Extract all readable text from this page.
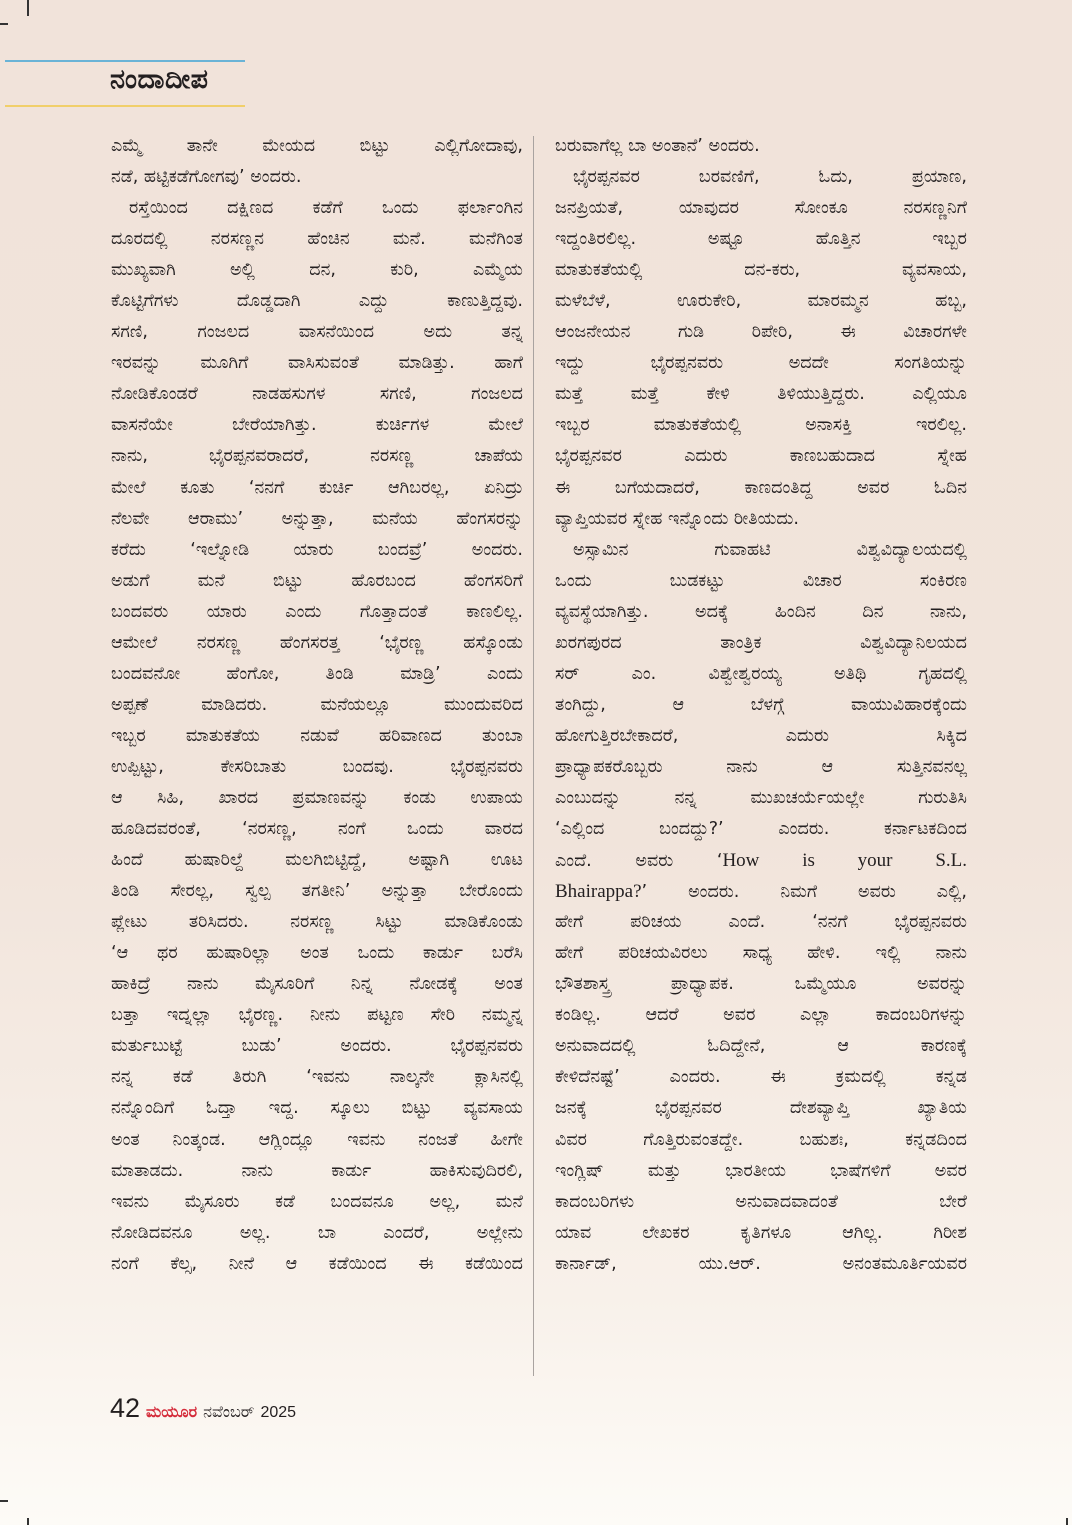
ನಂದಾದೀಪ
ಎಮ್ಮೆ ತಾನೇ ಮೇಯದ ಬಿಟ್ಟು ಎಲ್ಲಿಗೋದಾವು,
ನಡೆ, ಹಟ್ಟಿಕಡೆಗೋಗವು’ ಅಂದರು.
ರಸ್ತೆಯಿಂದ ದಕ್ಷಿಣದ ಕಡೆಗೆ ಒಂದು ಫರ್ಲಾಂಗಿನ
ದೂರದಲ್ಲಿ ನರಸಣ್ಣನ ಹೆಂಚಿನ ಮನೆ. ಮನೆಗಿಂತ
ಮುಖ್ಯವಾಗಿ ಅಲ್ಲಿ ದನ, ಕುರಿ, ಎಮ್ಮೆಯ
ಕೊಟ್ಟಿಗೆಗಳು ದೊಡ್ಡದಾಗಿ ಎದ್ದು ಕಾಣುತ್ತಿದ್ದವು.
ಸಗಣಿ, ಗಂಜಲದ ವಾಸನೆಯಿಂದ ಅದು ತನ್ನ
ಇರವನ್ನು ಮೂಗಿಗೆ ವಾಸಿಸುವಂತೆ ಮಾಡಿತ್ತು. ಹಾಗೆ
ನೋಡಿಕೊಂಡರೆ ನಾಡಹಸುಗಳ ಸಗಣಿ, ಗಂಜಲದ
ವಾಸನೆಯೇ ಬೇರೆಯಾಗಿತ್ತು. ಕುರ್ಚಿಗಳ ಮೇಲೆ
ನಾನು, ಭೈರಪ್ಪನವರಾದರೆ, ನರಸಣ್ಣ ಚಾಪೆಯ
ಮೇಲೆ ಕೂತು ‘ನನಗೆ ಕುರ್ಚಿ ಆಗಿಬರಲ್ಲ, ಏನಿದ್ರು
ನೆಲವೇ ಆರಾಮು’ ಅನ್ನುತ್ತಾ, ಮನೆಯ ಹೆಂಗಸರನ್ನು
ಕರೆದು ‘ಇಲ್ನೋಡಿ ಯಾರು ಬಂದವ್ರೆ’ ಅಂದರು.
ಅಡುಗೆ ಮನೆ ಬಿಟ್ಟು ಹೊರಬಂದ ಹೆಂಗಸರಿಗೆ
ಬಂದವರು ಯಾರು ಎಂದು ಗೊತ್ತಾದಂತೆ ಕಾಣಲಿಲ್ಲ.
ಆಮೇಲೆ ನರಸಣ್ಣ ಹೆಂಗಸರತ್ತ ‘ಭೈರಣ್ಣ ಹಸ್ಕೊಂಡು
ಬಂದವನೋ ಹೆಂಗೋ, ತಿಂಡಿ ಮಾಡ್ರಿ’ ಎಂದು
ಅಪ್ಪಣೆ ಮಾಡಿದರು. ಮನೆಯಲ್ಲೂ ಮುಂದುವರಿದ
ಇಬ್ಬರ ಮಾತುಕತೆಯ ನಡುವೆ ಹರಿವಾಣದ ತುಂಬಾ
ಉಪ್ಪಿಟ್ಟು, ಕೇಸರಿಬಾತು ಬಂದವು. ಭೈರಪ್ಪನವರು
ಆ ಸಿಹಿ, ಖಾರದ ಪ್ರಮಾಣವನ್ನು ಕಂಡು ಉಪಾಯ
ಹೂಡಿದವರಂತೆ, ‘ನರಸಣ್ಣ, ನಂಗೆ ಒಂದು ವಾರದ
ಹಿಂದೆ ಹುಷಾರಿಲ್ದೆ ಮಲಗಿಬಿಟ್ಟಿದ್ದೆ, ಅಷ್ಟಾಗಿ ಊಟ
ತಿಂಡಿ ಸೇರಲ್ಲ, ಸ್ವಲ್ಪ ತಗತೀನಿ’ ಅನ್ನುತ್ತಾ ಬೇರೊಂದು
ಪ್ಲೇಟು ತರಿಸಿದರು. ನರಸಣ್ಣ ಸಿಟ್ಟು ಮಾಡಿಕೊಂಡು
‘ಆ ಥರ ಹುಷಾರಿಲ್ಲಾ ಅಂತ ಒಂದು ಕಾರ್ಡು ಬರೆಸಿ
ಹಾಕಿದ್ರೆ ನಾನು ಮೈಸೂರಿಗೆ ನಿನ್ನ ನೋಡಕ್ಕೆ ಅಂತ
ಬತ್ತಾ ಇದ್ನಲ್ಲಾ ಭೈರಣ್ಣ. ನೀನು ಪಟ್ಟಣ ಸೇರಿ ನಮ್ಮನ್ನ
ಮರ್ತುಬುಟ್ಟೆ ಬುಡು’ ಅಂದರು. ಭೈರಪ್ಪನವರು
ನನ್ನ ಕಡೆ ತಿರುಗಿ ‘ಇವನು ನಾಲ್ಕನೇ ಕ್ಲಾಸಿನಲ್ಲಿ
ನನ್ನೊಂದಿಗೆ ಓದ್ತಾ ಇದ್ದ. ಸ್ಕೂಲು ಬಿಟ್ಟು ವ್ಯವಸಾಯ
ಅಂತ ನಿಂತ್ಕಂಡ. ಆಗ್ಲಿಂದ್ಲೂ ಇವನು ನಂಜತೆ ಹೀಗೇ
ಮಾತಾಡದು. ನಾನು ಕಾರ್ಡು ಹಾಕಿಸುವುದಿರಲಿ,
ಇವನು ಮೈಸೂರು ಕಡೆ ಬಂದವನೂ ಅಲ್ಲ, ಮನೆ
ನೋಡಿದವನೂ ಅಲ್ಲ. ಬಾ ಎಂದರೆ, ಅಲ್ಲೇನು
ನಂಗೆ ಕೆಲ್ಸ, ನೀನೆ ಆ ಕಡೆಯಿಂದ ಈ ಕಡೆಯಿಂದ
ಬರುವಾಗೆಲ್ಲ ಬಾ ಅಂತಾನೆ’ ಅಂದರು.
ಭೈರಪ್ಪನವರ ಬರವಣಿಗೆ, ಓದು, ಪ್ರಯಾಣ,
ಜನಪ್ರಿಯತೆ, ಯಾವುದರ ಸೋಂಕೂ ನರಸಣ್ಣನಿಗೆ
ಇದ್ದಂತಿರಲಿಲ್ಲ. ಅಷ್ಟೂ ಹೊತ್ತಿನ ಇಬ್ಬರ
ಮಾತುಕತೆಯಲ್ಲಿ ದನ-ಕರು, ವ್ಯವಸಾಯ,
ಮಳೆಬೆಳೆ, ಊರುಕೇರಿ, ಮಾರಮ್ಮನ ಹಬ್ಬ,
ಆಂಜನೇಯನ ಗುಡಿ ರಿಪೇರಿ, ಈ ವಿಚಾರಗಳೇ
ಇದ್ದು ಭೈರಪ್ಪನವರು ಅದದೇ ಸಂಗತಿಯನ್ನು
ಮತ್ತೆ ಮತ್ತೆ ಕೇಳಿ ತಿಳಿಯುತ್ತಿದ್ದರು. ಎಲ್ಲಿಯೂ
ಇಬ್ಬರ ಮಾತುಕತೆಯಲ್ಲಿ ಅನಾಸಕ್ತಿ ಇರಲಿಲ್ಲ.
ಭೈರಪ್ಪನವರ ಎದುರು ಕಾಣಬಹುದಾದ ಸ್ನೇಹ
ಈ ಬಗೆಯದಾದರೆ, ಕಾಣದಂತಿದ್ದ ಅವರ ಓದಿನ
ವ್ಯಾಪ್ತಿಯವರ ಸ್ನೇಹ ಇನ್ನೊಂದು ರೀತಿಯದು.
ಅಸ್ಸಾಮಿನ ಗುವಾಹಟಿ ವಿಶ್ವವಿದ್ಯಾಲಯದಲ್ಲಿ
ಒಂದು ಬುಡಕಟ್ಟು ವಿಚಾರ ಸಂಕಿರಣ
ವ್ಯವಸ್ಥೆಯಾಗಿತ್ತು. ಅದಕ್ಕೆ ಹಿಂದಿನ ದಿನ ನಾನು,
ಖರಗಪುರದ ತಾಂತ್ರಿಕ ವಿಶ್ವವಿದ್ಯಾನಿಲಯದ
ಸರ್ ಎಂ. ವಿಶ್ವೇಶ್ವರಯ್ಯ ಅತಿಥಿ ಗೃಹದಲ್ಲಿ
ತಂಗಿದ್ದು, ಆ ಬೆಳಗ್ಗೆ ವಾಯುವಿಹಾರಕ್ಕೆಂದು
ಹೋಗುತ್ತಿರಬೇಕಾದರೆ, ಎದುರು ಸಿಕ್ಕಿದ
ಪ್ರಾಧ್ಯಾಪಕರೊಬ್ಬರು ನಾನು ಆ ಸುತ್ತಿನವನಲ್ಲ
ಎಂಬುದನ್ನು ನನ್ನ ಮುಖಚರ್ಯೆಯಲ್ಲೇ ಗುರುತಿಸಿ
‘ಎಲ್ಲಿಂದ ಬಂದದ್ದು?’ ಎಂದರು. ಕರ್ನಾಟಕದಿಂದ
ಎಂದೆ. ಅವರು ‘How is your S.L.
Bhairappa?’ ಅಂದರು. ನಿಮಗೆ ಅವರು ಎಲ್ಲಿ,
ಹೇಗೆ ಪರಿಚಯ ಎಂದೆ. ‘ನನಗೆ ಭೈರಪ್ಪನವರು
ಹೇಗೆ ಪರಿಚಯವಿರಲು ಸಾಧ್ಯ ಹೇಳಿ. ಇಲ್ಲಿ ನಾನು
ಭೌತಶಾಸ್ತ್ರ ಪ್ರಾಧ್ಯಾಪಕ. ಒಮ್ಮೆಯೂ ಅವರನ್ನು
ಕಂಡಿಲ್ಲ. ಆದರೆ ಅವರ ಎಲ್ಲಾ ಕಾದಂಬರಿಗಳನ್ನು
ಅನುವಾದದಲ್ಲಿ ಓದಿದ್ದೇನೆ, ಆ ಕಾರಣಕ್ಕೆ
ಕೇಳಿದೆನಷ್ಟೆ’ ಎಂದರು. ಈ ಕ್ರಮದಲ್ಲಿ ಕನ್ನಡ
ಜನಕ್ಕೆ ಭೈರಪ್ಪನವರ ದೇಶವ್ಯಾಪ್ತಿ ಖ್ಯಾತಿಯ
ವಿವರ ಗೊತ್ತಿರುವಂತದ್ದೇ. ಬಹುಶಃ, ಕನ್ನಡದಿಂದ
ಇಂಗ್ಲಿಷ್ ಮತ್ತು ಭಾರತೀಯ ಭಾಷೆಗಳಿಗೆ ಅವರ
ಕಾದಂಬರಿಗಳು ಅನುವಾದವಾದಂತೆ ಬೇರೆ
ಯಾವ ಲೇಖಕರ ಕೃತಿಗಳೂ ಆಗಿಲ್ಲ. ಗಿರೀಶ
ಕಾರ್ನಾಡ್, ಯು.ಆರ್. ಅನಂತಮೂರ್ತಿಯವರ
42 ಮಯೂರ ನವೆಂಬರ್ 2025
